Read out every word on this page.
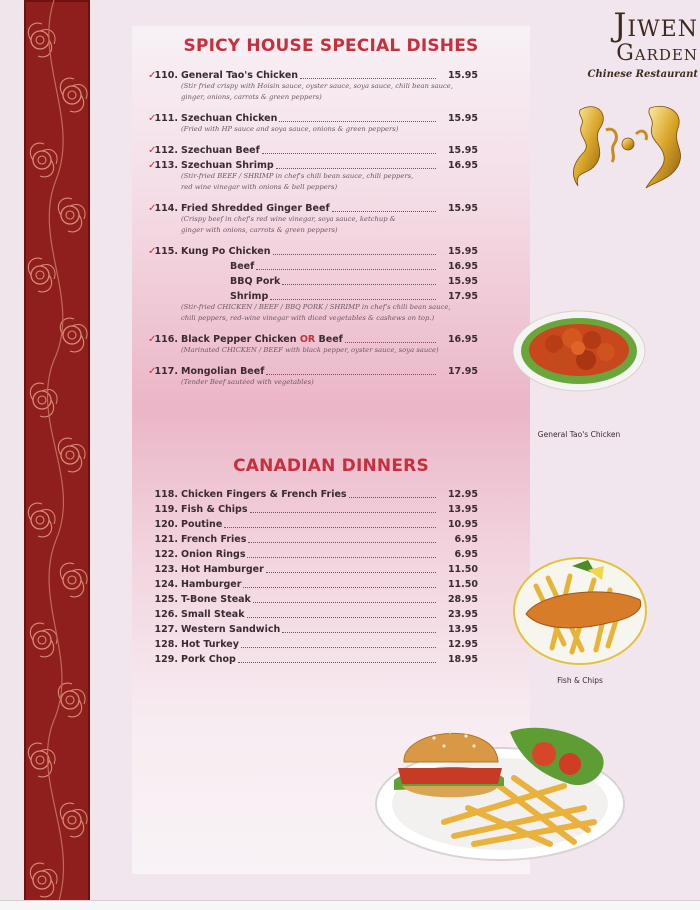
SPICY HOUSE SPECIAL DISHES
✓
110. General Tao's Chicken	15.95
(Stir fried crispy with Hoisin sauce, oyster sauce, soya sauce, chili bean sauce,
ginger, onions, carrots & green peppers)
✓
111. Szechuan Chicken	15.95
(Fried with HP sauce and soya sauce, onions & green peppers)
✓
112. Szechuan Beef	15.95
✓
113. Szechuan Shrimp	16.95
(Stir-fried BEEF / SHRIMP in chef's chili bean sauce, chili peppers,
red wine vinegar with onions & bell peppers)
✓
114. Fried Shredded Ginger Beef	15.95
(Crispy beef in chef's red wine vinegar, soya sauce, ketchup &
ginger with onions, carrots & green peppers)
✓
115. Kung Po Chicken	15.95
Beef	16.95
BBQ Pork	15.95
Shrimp	17.95
(Stir-fried CHICKEN / BEEF / BBQ PORK / SHRIMP in chef's chili bean sauce,
chili peppers, red-wine vinegar with diced vegetables & cashews on top.)
✓
116. Black Pepper Chicken OR Beef	16.95
(Marinated CHICKEN / BEEF with black pepper, oyster sauce, soya sauce)
✓
117. Mongolian Beef	17.95
(Tender Beef sautéed with vegetables)
CANADIAN DINNERS
118. Chicken Fingers & French Fries	12.95
119. Fish & Chips	13.95
120. Poutine	10.95
121. French Fries	6.95
122. Onion Rings	6.95
123. Hot Hamburger	11.50
124. Hamburger	11.50
125. T-Bone Steak	28.95
126. Small Steak	23.95
127. Western Sandwich	13.95
128. Hot Turkey	12.95
129. Pork Chop	18.95
Jiwen
Garden
Chinese Restaurant
General Tao's Chicken
Fish & Chips
